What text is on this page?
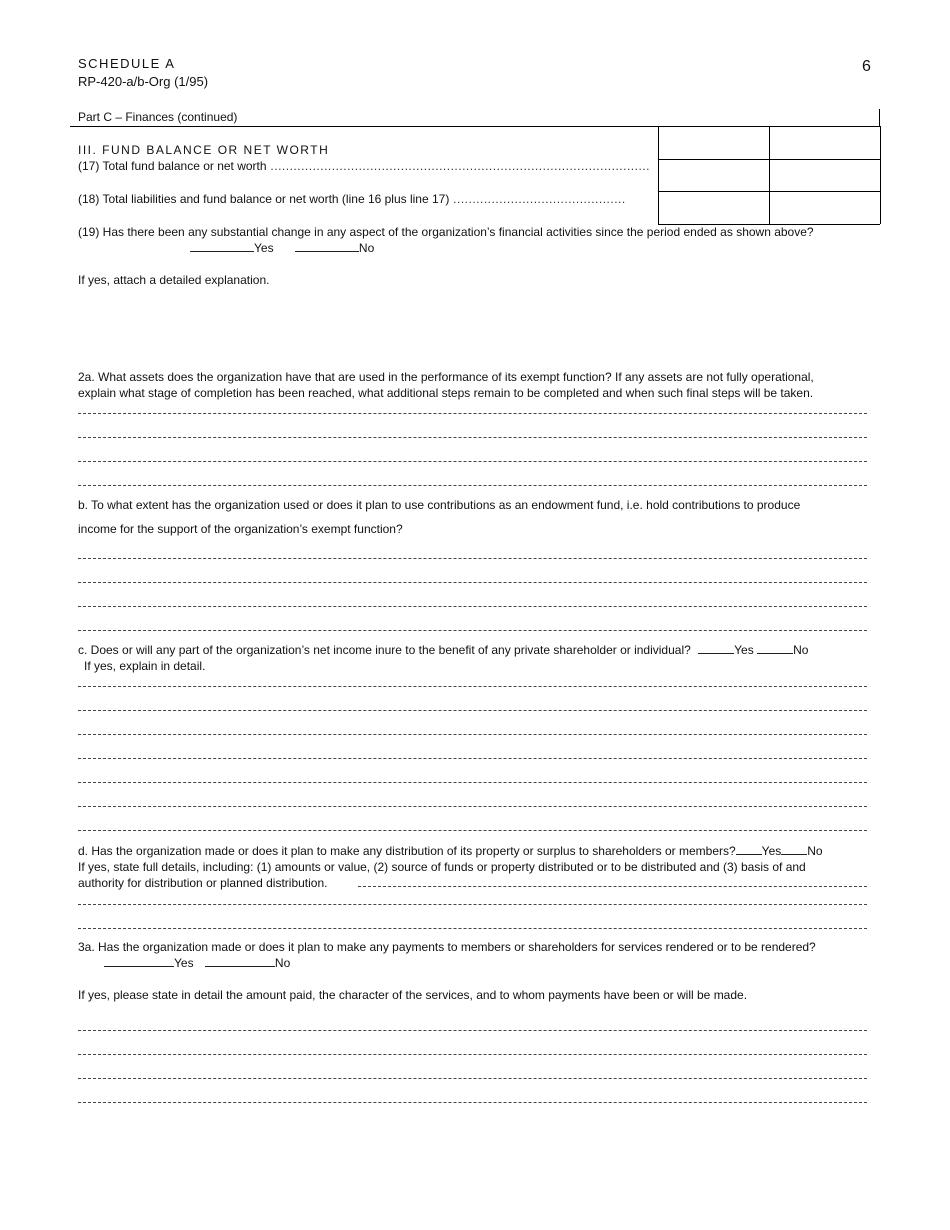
SCHEDULE A
RP-420-a/b-Org (1/95)
6
Part C – Finances (continued)
III. FUND BALANCE OR NET WORTH
(17) Total fund balance or net worth ...................................................................................................
(18) Total liabilities and fund balance or net worth (line 16 plus line 17) .............................................
(19) Has there been any substantial change in any aspect of the organization’s financial activities since the period ended as shown above?
Yes	No
If yes, attach a detailed explanation.
2a. What assets does the organization have that are used in the performance of its exempt function? If any assets are not fully operational,
explain what stage of completion has been reached, what additional steps remain to be completed and when such final steps will be taken.
b. To what extent has the organization used or does it plan to use contributions as an endowment fund, i.e. hold contributions to produce
income for the support of the organization’s exempt function?
c. Does or will any part of the organization’s net income inure to the benefit of any private shareholder or individual?	Yes	No
If yes, explain in detail.
d. Has the organization made or does it plan to make any distribution of its property or surplus to shareholders or members? Yes No
If yes, state full details, including: (1) amounts or value, (2) source of funds or property distributed or to be distributed and (3) basis of and
authority for distribution or planned distribution.
3a. Has the organization made or does it plan to make any payments to members or shareholders for services rendered or to be rendered?
Yes	No
If yes, please state in detail the amount paid, the character of the services, and to whom payments have been or will be made.
